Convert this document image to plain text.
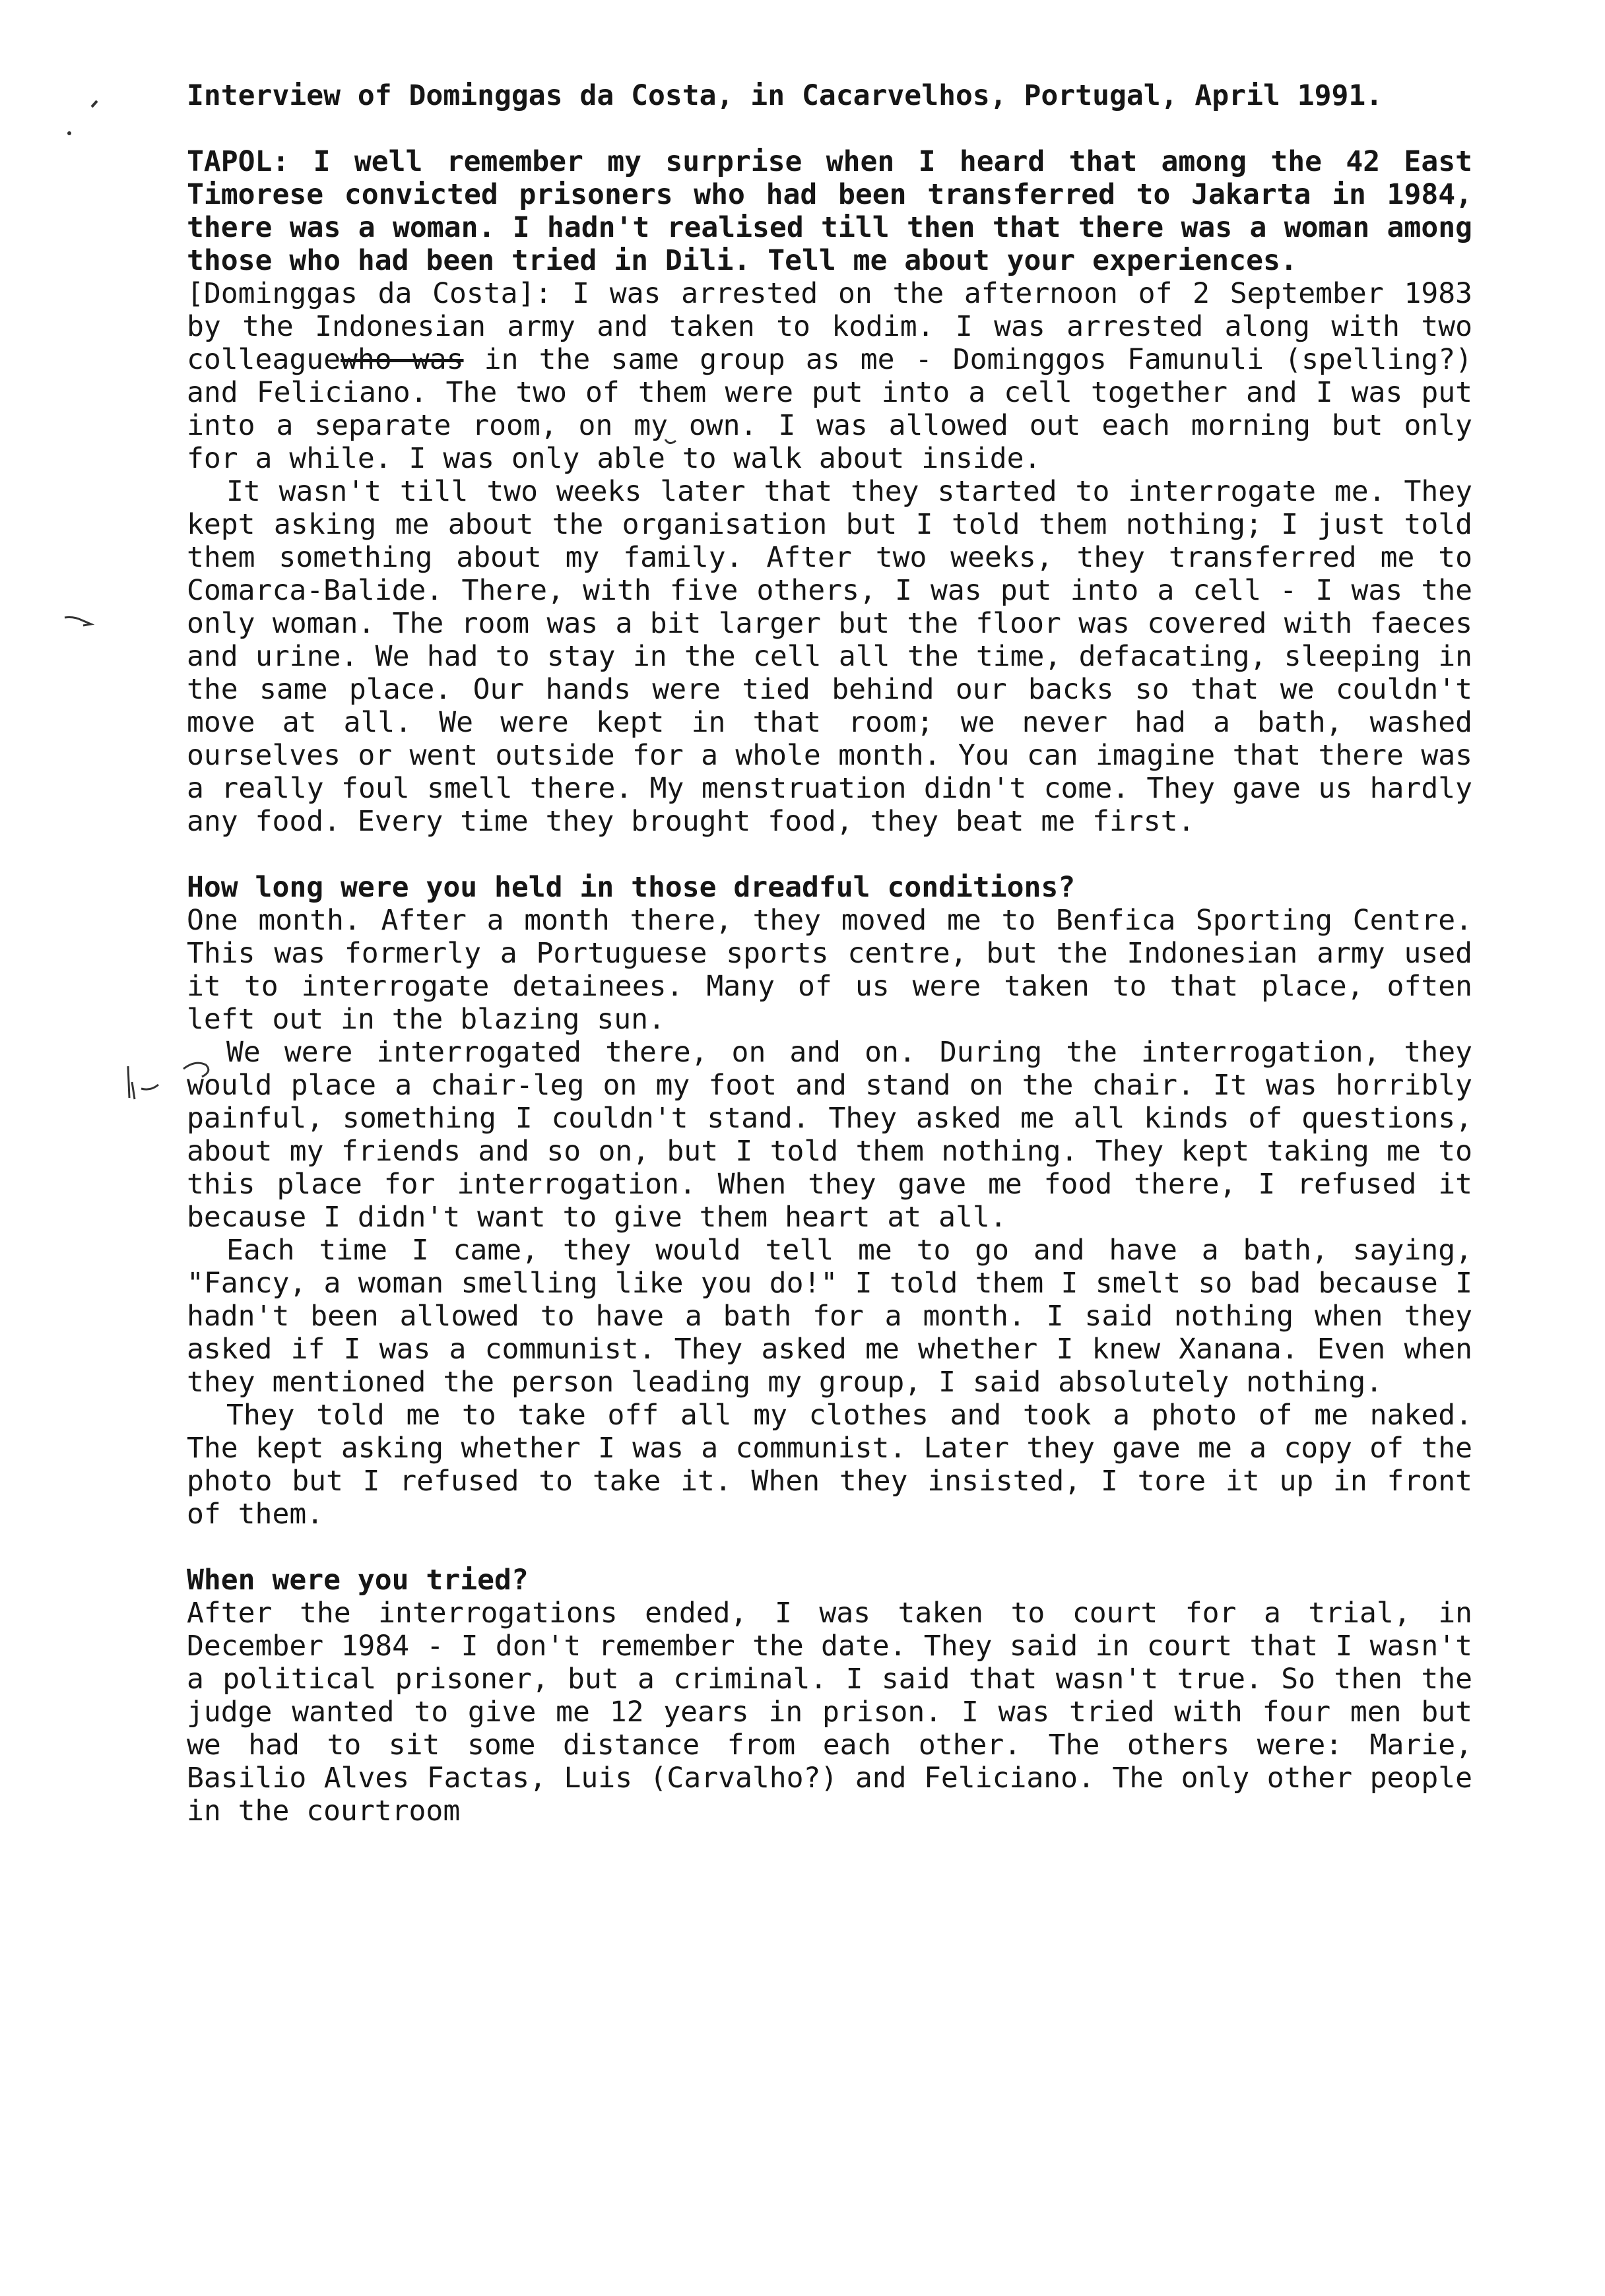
Interview of Dominggas da Costa, in Cacarvelhos, Portugal, April 1991.

TAPOL: I well remember my surprise when I heard that among the 42 East Timorese convicted prisoners who had been transferred to Jakarta in 1984, there was a woman. I hadn't realised till then that there was a woman among those who had been tried in Dili. Tell me about your experiences.

[Dominggas da Costa]: I was arrested on the afternoon of 2 September 1983 by the Indonesian army and taken to kodim. I was arrested along with two colleaguewho was in the same group as me - Dominggos Famunuli (spelling?) and Feliciano. The two of them were put into a cell together and I was put into a separate room, on my own. I was allowed out each morning but only for a while. I was only able to walk about inside.

It wasn't till two weeks later that they started to interrogate me. They kept asking me about the organisation but I told them nothing; I just told them something about my family. After two weeks, they transferred me to Comarca-Balide. There, with five others, I was put into a cell - I was the only woman. The room was a bit larger but the floor was covered with faeces and urine. We had to stay in the cell all the time, defacating, sleeping in the same place. Our hands were tied behind our backs so that we couldn't move at all. We were kept in that room; we never had a bath, washed ourselves or went outside for a whole month. You can imagine that there was a really foul smell there. My menstruation didn't come. They gave us hardly any food. Every time they brought food, they beat me first.

How long were you held in those dreadful conditions?

One month. After a month there, they moved me to Benfica Sporting Centre. This was formerly a Portuguese sports centre, but the Indonesian army used it to interrogate detainees. Many of us were taken to that place, often left out in the blazing sun.

We were interrogated there, on and on. During the interrogation, they would place a chair-leg on my foot and stand on the chair. It was horribly painful, something I couldn't stand. They asked me all kinds of questions, about my friends and so on, but I told them nothing. They kept taking me to this place for interrogation. When they gave me food there, I refused it because I didn't want to give them heart at all.

Each time I came, they would tell me to go and have a bath, saying, "Fancy, a woman smelling like you do!" I told them I smelt so bad because I hadn't been allowed to have a bath for a month. I said nothing when they asked if I was a communist. They asked me whether I knew Xanana. Even when they mentioned the person leading my group, I said absolutely nothing.

They told me to take off all my clothes and took a photo of me naked. The kept asking whether I was a communist. Later they gave me a copy of the photo but I refused to take it. When they insisted, I tore it up in front of them.

When were you tried?

After the interrogations ended, I was taken to court for a trial, in December 1984 - I don't remember the date. They said in court that I wasn't a political prisoner, but a criminal. I said that wasn't true. So then the judge wanted to give me 12 years in prison. I was tried with four men but we had to sit some distance from each other. The others were: Marie, Basilio Alves Factas, Luis (Carvalho?) and Feliciano. The only other people in the courtroom
